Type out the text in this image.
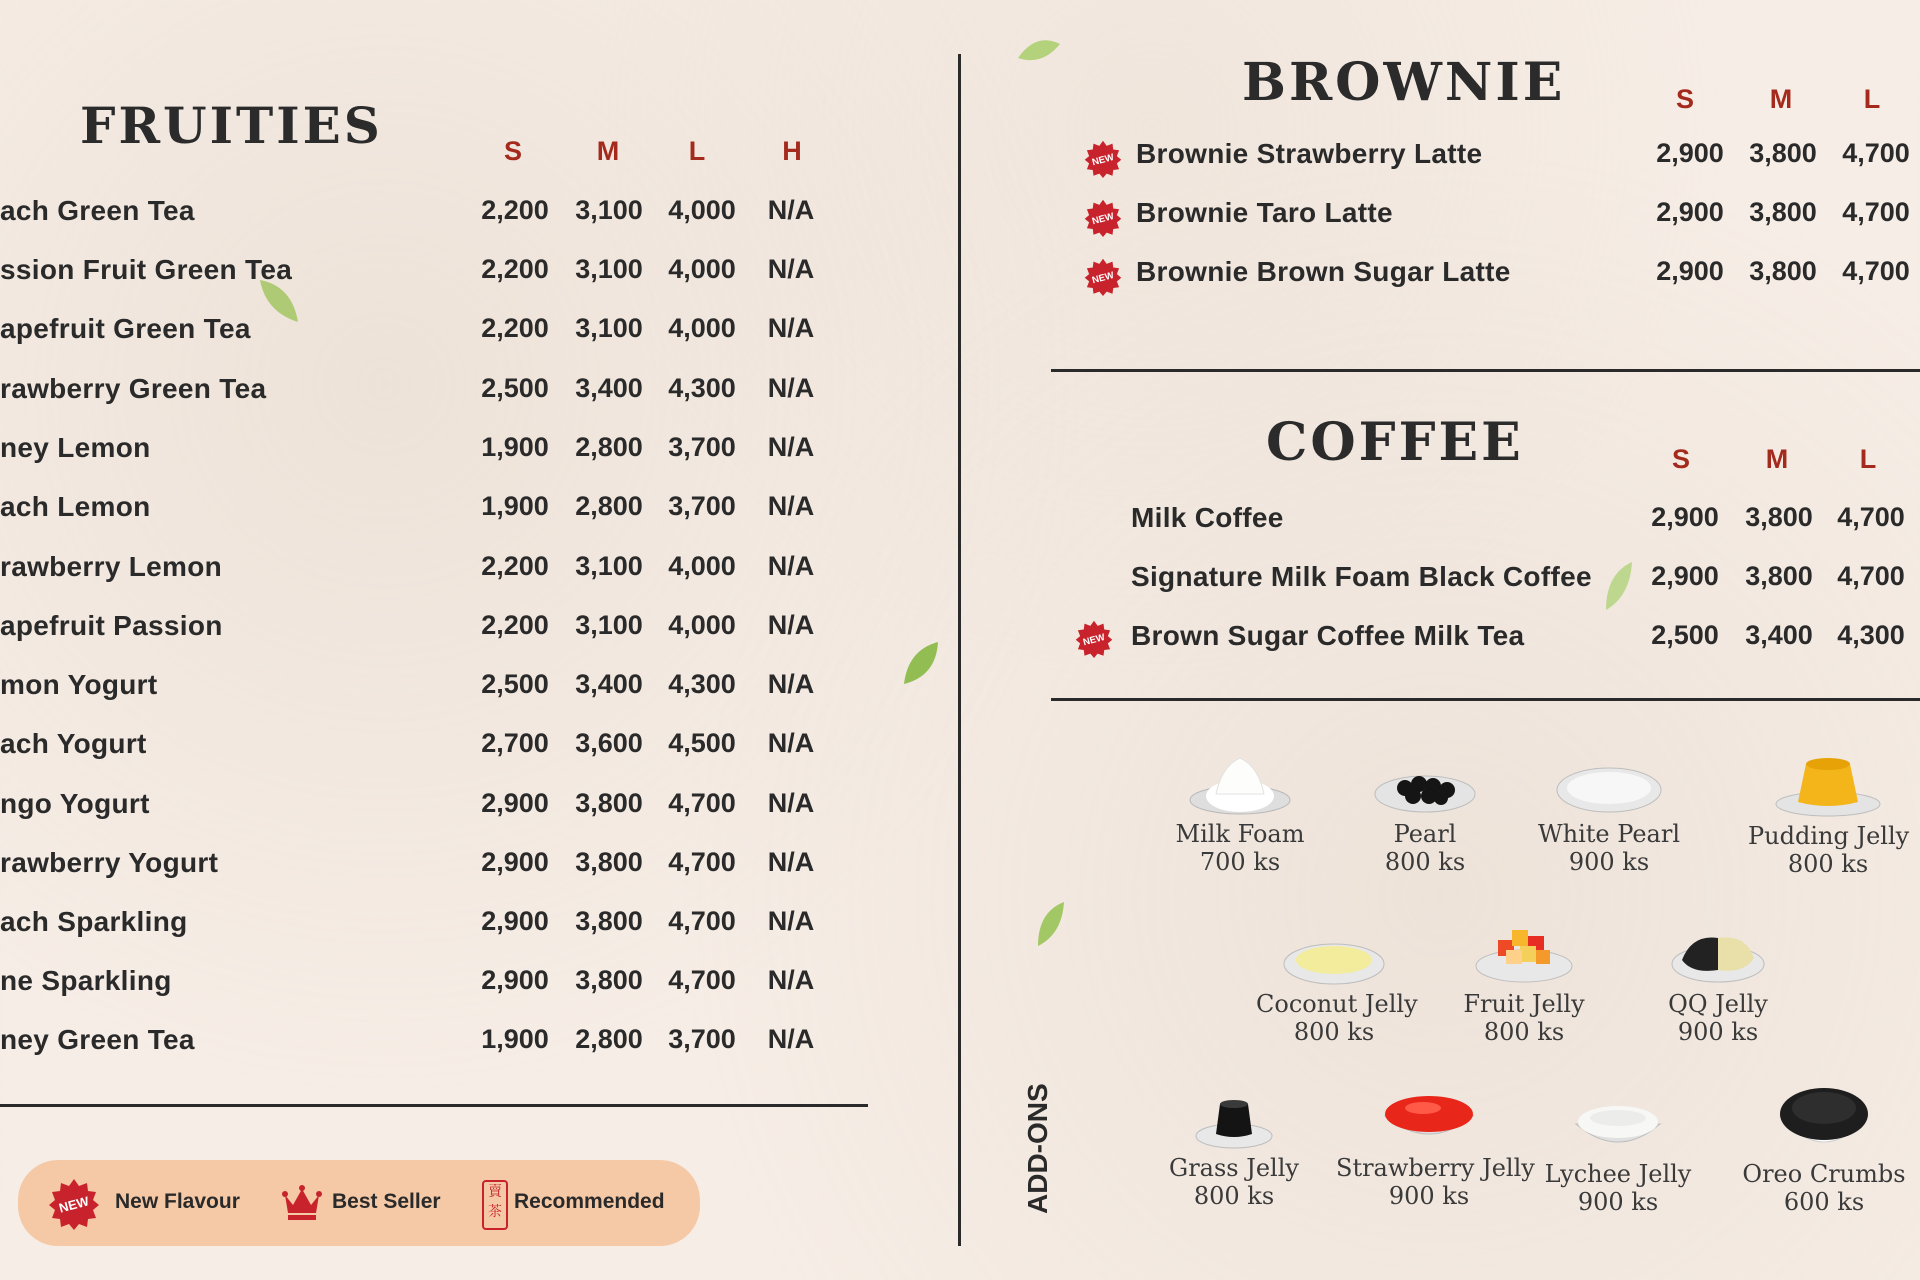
FRUITIES	S	M	L	H
ach Green Tea	2,200 3,100 4,000	N/A
ssion Fruit Green Tea	2,200 3,100 4,000	N/A
apefruit Green Tea	2,200 3,100 4,000	N/A
rawberry Green Tea	2,500 3,400 4,300	N/A
ney Lemon	1,900 2,800 3,700	N/A
ach Lemon	1,900 2,800 3,700	N/A
rawberry Lemon	2,200 3,100 4,000	N/A
apefruit Passion	2,200 3,100 4,000	N/A
mon Yogurt	2,500 3,400 4,300	N/A
ach Yogurt	2,700 3,600 4,500	N/A
ngo Yogurt	2,900 3,800 4,700	N/A
rawberry Yogurt	2,900 3,800 4,700	N/A
ach Sparkling	2,900 3,800 4,700	N/A
ne Sparkling	2,900 3,800 4,700	N/A
ney Green Tea	1,900 2,800 3,700	N/A
NEW New Flavour	Best Seller	賣茶 Recommended
BROWNIE	S	M	L
NEW Brownie Strawberry Latte	2,900 3,800 4,700
NEW Brownie Taro Latte	2,900 3,800 4,700
NEW Brownie Brown Sugar Latte	2,900 3,800 4,700
COFFEE	S	M	L
Milk Coffee	2,900 3,800 4,700
Signature Milk Foam Black Coffee	2,900 3,800 4,700
NEW Brown Sugar Coffee Milk Tea	2,500 3,400 4,300
ADD-ONS
Milk Foam
700 ks
Pearl
800 ks
White Pearl
900 ks
Pudding Jelly
800 ks
Coconut Jelly
800 ks
Fruit Jelly
800 ks
QQ Jelly
900 ks
Grass Jelly
800 ks
Strawberry Jelly
900 ks
Lychee Jelly
900 ks
Oreo Crumbs
600 ks
